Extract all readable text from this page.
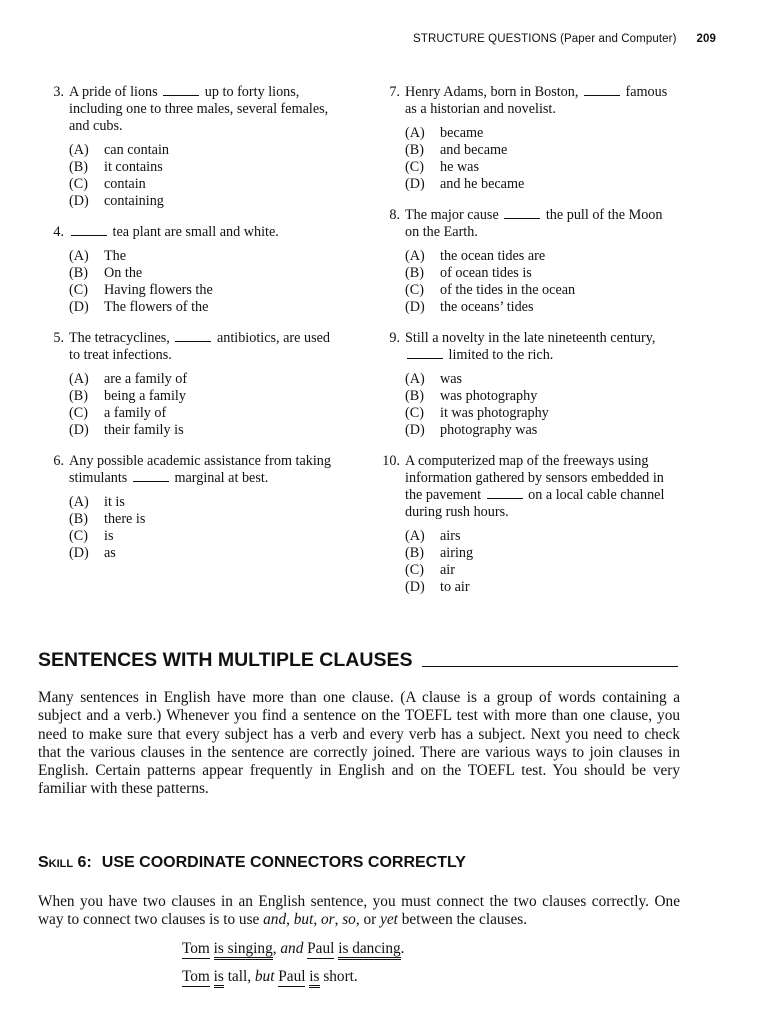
STRUCTURE QUESTIONS (Paper and Computer) 209
3. A pride of lions	up to forty lions, including one to three males, several females, and cubs.
(A)	can contain
(B)	it contains
(C)	contain
(D)	containing
4.	tea plant are small and white.
(A)	The
(B)	On the
(C)	Having flowers the
(D)	The flowers of the
5. The tetracyclines,	antibiotics, are used to treat infections.
(A)	are a family of
(B)	being a family
(C)	a family of
(D)	their family is
6. Any possible academic assistance from taking stimulants	marginal at best.
(A)	it is
(B)	there is
(C)	is
(D)	as
7. Henry Adams, born in Boston,	famous as a historian and novelist.
(A)	became
(B)	and became
(C)	he was
(D)	and he became
8. The major cause	the pull of the Moon on the Earth.
(A)	the ocean tides are
(B)	of ocean tides is
(C)	of the tides in the ocean
(D)	the oceans’ tides
9. Still a novelty in the late nineteenth century,  limited to the rich.
(A)	was
(B)	was photography
(C)	it was photography
(D)	photography was
10. A computerized map of the freeways using information gathered by sensors embedded in the pavement	on a local cable channel during rush hours.
(A)	airs
(B)	airing
(C)	air
(D)	to air
SENTENCES WITH MULTIPLE CLAUSES
Many sentences in English have more than one clause. (A clause is a group of words containing a subject and a verb.) Whenever you find a sentence on the TOEFL test with more than one clause, you need to make sure that every subject has a verb and every verb has a subject. Next you need to check that the various clauses in the sentence are correctly joined. There are various ways to join clauses in English. Certain patterns appear frequently in English and on the TOEFL test. You should be very familiar with these patterns.
Skill 6: USE COORDINATE CONNECTORS CORRECTLY
When you have two clauses in an English sentence, you must connect the two clauses correctly. One way to connect two clauses is to use and, but, or, so, or yet between the clauses.
Tom is singing, and Paul is dancing.
Tom is tall, but Paul is short.
